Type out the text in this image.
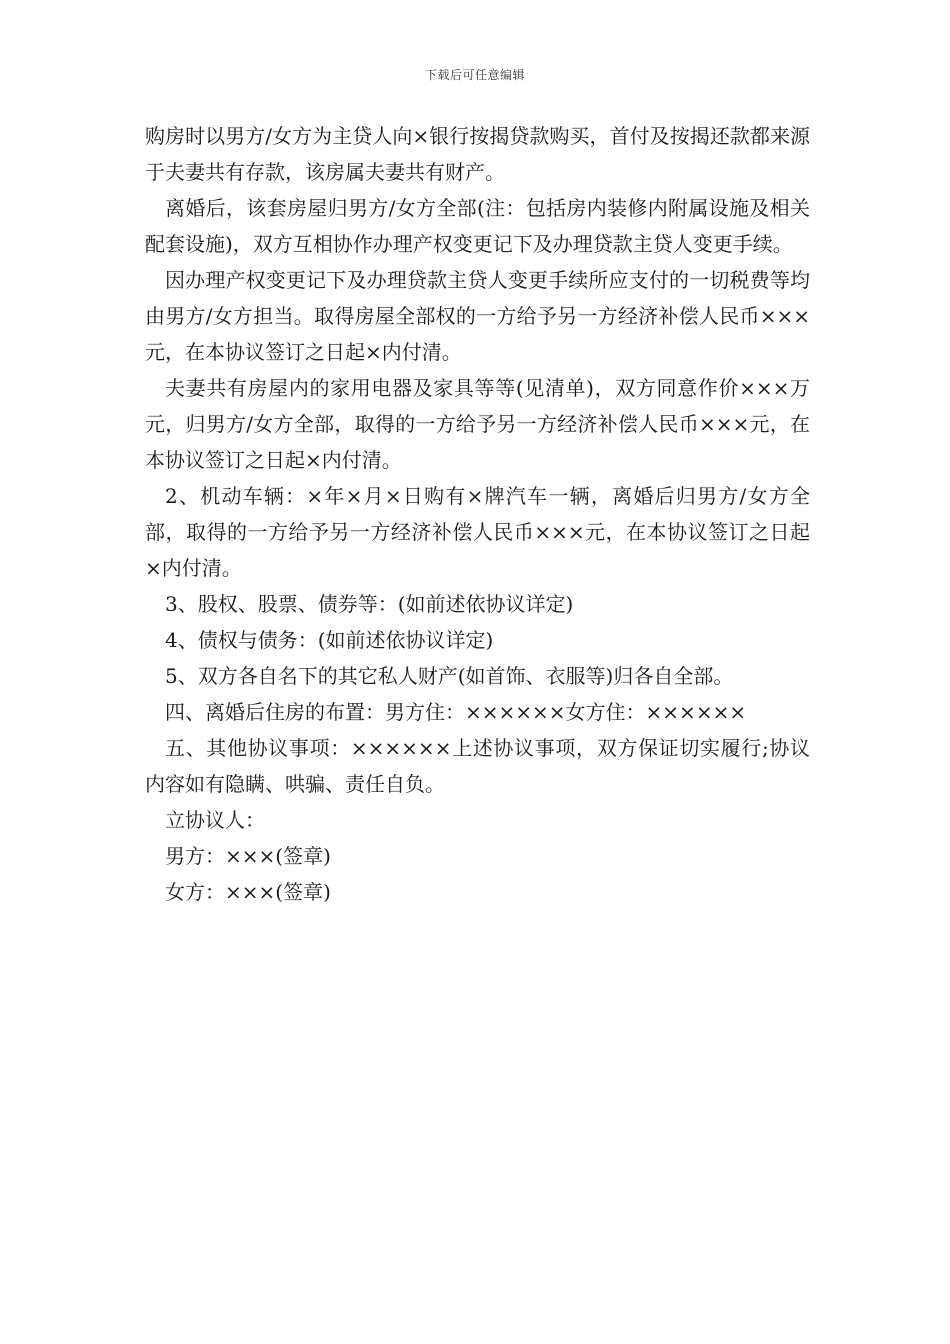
下载后可任意编辑

购房时以男方/女方为主贷人向×银行按揭贷款购买，首付及按揭还款都来源于夫妻共有存款，该房属夫妻共有财产。

离婚后，该套房屋归男方/女方全部(注：包括房内装修内附属设施及相关配套设施)，双方互相协作办理产权变更记下及办理贷款主贷人变更手续。

因办理产权变更记下及办理贷款主贷人变更手续所应支付的一切税费等均由男方/女方担当。取得房屋全部权的一方给予另一方经济补偿人民币×××元，在本协议签订之日起×内付清。

夫妻共有房屋内的家用电器及家具等等(见清单)，双方同意作价×××万元，归男方/女方全部，取得的一方给予另一方经济补偿人民币×××元，在本协议签订之日起×内付清。

2、机动车辆：×年×月×日购有×牌汽车一辆，离婚后归男方/女方全部，取得的一方给予另一方经济补偿人民币×××元，在本协议签订之日起×内付清。

3、股权、股票、债券等：(如前述依协议详定)

4、债权与债务：(如前述依协议详定)

5、双方各自名下的其它私人财产(如首饰、衣服等)归各自全部。

四、离婚后住房的布置：男方住：××××××女方住：××××××

五、其他协议事项：××××××上述协议事项，双方保证切实履行;协议内容如有隐瞒、哄骗、责任自负。

立协议人：

男方：×××(签章)

女方：×××(签章)
